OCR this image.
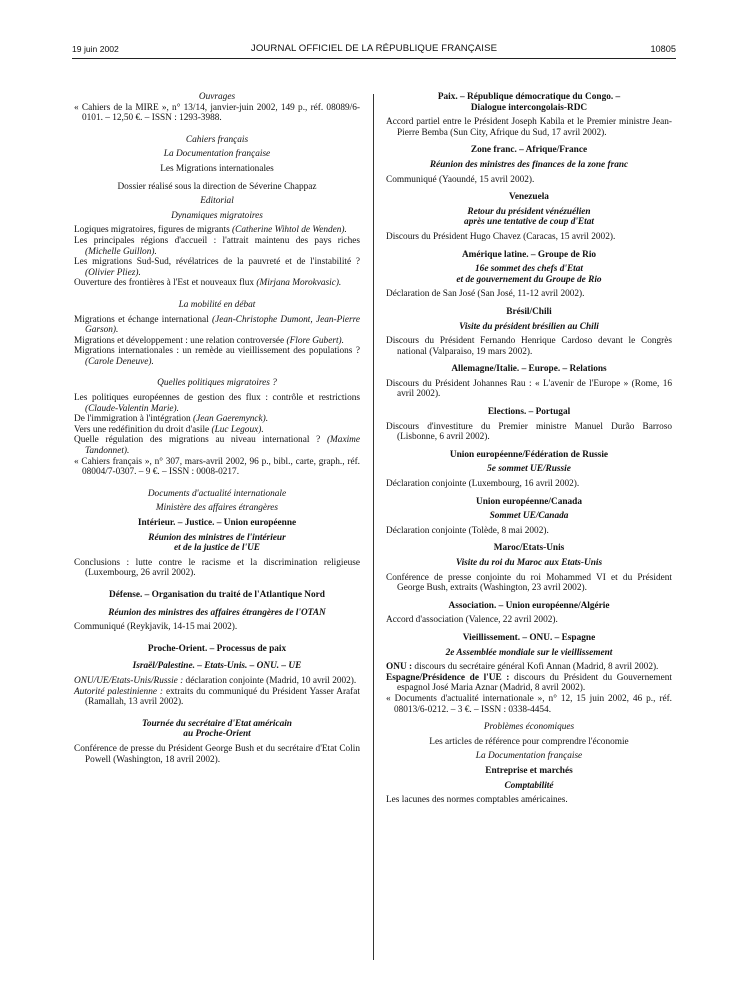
19 juin 2002	JOURNAL OFFICIEL DE LA RÉPUBLIQUE FRANÇAISE	10805

Ouvrages

« Cahiers de la MIRE », n° 13/14, janvier-juin 2002, 149 p., réf. 08089/6-0101. – 12,50 €. – ISSN : 1293-3988.

Cahiers français

La Documentation française

Les Migrations internationales

Dossier réalisé sous la direction de Séverine Chappaz

Editorial

Dynamiques migratoires

Logiques migratoires, figures de migrants (Catherine Wihtol de Wenden).

Les principales régions d'accueil : l'attrait maintenu des pays riches (Michelle Guillon).

Les migrations Sud-Sud, révélatrices de la pauvreté et de l'instabilité ? (Olivier Pliez).

Ouverture des frontières à l'Est et nouveaux flux (Mirjana Morokvasic).

La mobilité en débat

Migrations et échange international (Jean-Christophe Dumont, Jean-Pierre Garson).

Migrations et développement : une relation controversée (Flore Gubert).

Migrations internationales : un remède au vieillissement des populations ? (Carole Deneuve).

Quelles politiques migratoires ?

Les politiques européennes de gestion des flux : contrôle et restrictions (Claude-Valentin Marie).

De l'immigration à l'intégration (Jean Gaeremynck).

Vers une redéfinition du droit d'asile (Luc Legoux).

Quelle régulation des migrations au niveau international ? (Maxime Tandonnet).

« Cahiers français », n° 307, mars-avril 2002, 96 p., bibl., carte, graph., réf. 08004/7-0307. – 9 €. – ISSN : 0008-0217.

Documents d'actualité internationale

Ministère des affaires étrangères

Intérieur. – Justice. – Union européenne

Réunion des ministres de l'intérieur

et de la justice de l'UE

Conclusions : lutte contre le racisme et la discrimination religieuse (Luxembourg, 26 avril 2002).

Défense. – Organisation du traité de l'Atlantique Nord

Réunion des ministres des affaires étrangères de l'OTAN

Communiqué (Reykjavik, 14-15 mai 2002).

Proche-Orient. – Processus de paix

Israël/Palestine. – Etats-Unis. – ONU. – UE

ONU/UE/Etats-Unis/Russie : déclaration conjointe (Madrid, 10 avril 2002).

Autorité palestinienne : extraits du communiqué du Président Yasser Arafat (Ramallah, 13 avril 2002).

Tournée du secrétaire d'Etat américain

au Proche-Orient

Conférence de presse du Président George Bush et du secrétaire d'Etat Colin Powell (Washington, 18 avril 2002).

Paix. – République démocratique du Congo. –

Dialogue intercongolais-RDC

Accord partiel entre le Président Joseph Kabila et le Premier ministre Jean-Pierre Bemba (Sun City, Afrique du Sud, 17 avril 2002).

Zone franc. – Afrique/France

Réunion des ministres des finances de la zone franc

Communiqué (Yaoundé, 15 avril 2002).

Venezuela

Retour du président vénézuélien

après une tentative de coup d'Etat

Discours du Président Hugo Chavez (Caracas, 15 avril 2002).

Amérique latine. – Groupe de Rio

16e sommet des chefs d'Etat

et de gouvernement du Groupe de Rio

Déclaration de San José (San José, 11-12 avril 2002).

Brésil/Chili

Visite du président brésilien au Chili

Discours du Président Fernando Henrique Cardoso devant le Congrès national (Valparaiso, 19 mars 2002).

Allemagne/Italie. – Europe. – Relations

Discours du Président Johannes Rau : « L'avenir de l'Europe » (Rome, 16 avril 2002).

Elections. – Portugal

Discours d'investiture du Premier ministre Manuel Durão Barroso (Lisbonne, 6 avril 2002).

Union européenne/Fédération de Russie

5e sommet UE/Russie

Déclaration conjointe (Luxembourg, 16 avril 2002).

Union européenne/Canada

Sommet UE/Canada

Déclaration conjointe (Tolède, 8 mai 2002).

Maroc/Etats-Unis

Visite du roi du Maroc aux Etats-Unis

Conférence de presse conjointe du roi Mohammed VI et du Président George Bush, extraits (Washington, 23 avril 2002).

Association. – Union européenne/Algérie

Accord d'association (Valence, 22 avril 2002).

Vieillissement. – ONU. – Espagne

2e Assemblée mondiale sur le vieillissement

ONU : discours du secrétaire général Kofi Annan (Madrid, 8 avril 2002).

Espagne/Présidence de l'UE : discours du Président du Gouvernement espagnol José Maria Aznar (Madrid, 8 avril 2002).

« Documents d'actualité internationale », n° 12, 15 juin 2002, 46 p., réf. 08013/6-0212. – 3 €. – ISSN : 0338-4454.

Problèmes économiques

Les articles de référence pour comprendre l'économie

La Documentation française

Entreprise et marchés

Comptabilité

Les lacunes des normes comptables américaines.
